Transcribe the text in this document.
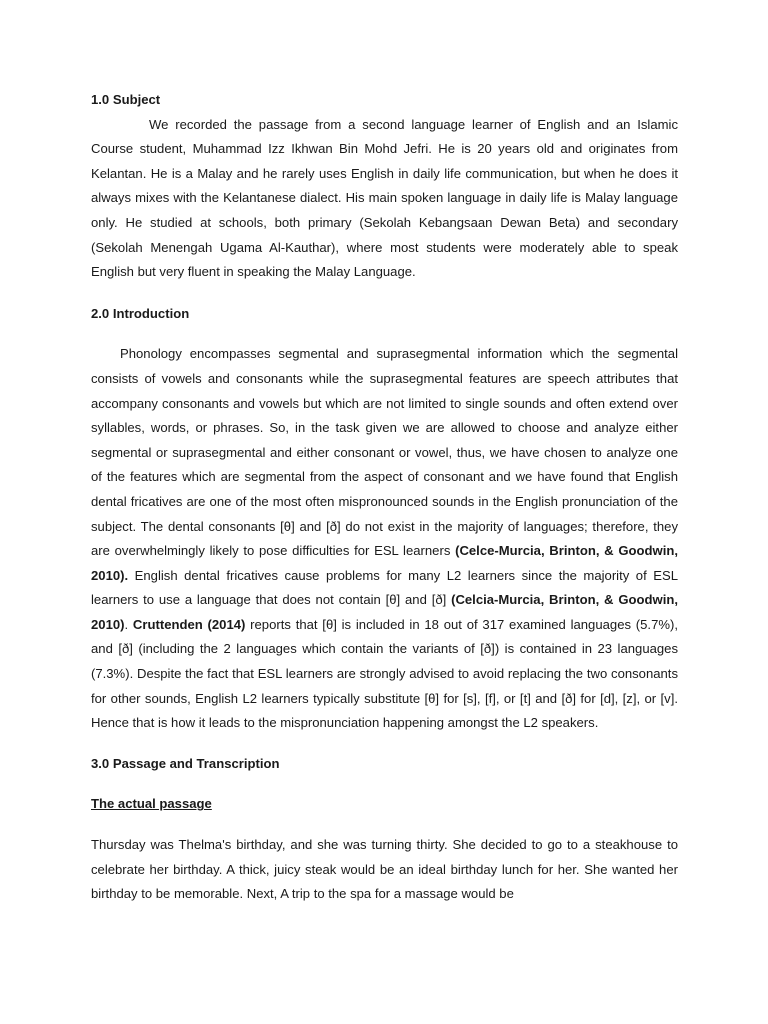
1.0 Subject

We recorded the passage from a second language learner of English and an Islamic Course student, Muhammad Izz Ikhwan Bin Mohd Jefri. He is 20 years old and originates from Kelantan. He is a Malay and he rarely uses English in daily life communication, but when he does it always mixes with the Kelantanese dialect. His main spoken language in daily life is Malay language only. He studied at schools, both primary (Sekolah Kebangsaan Dewan Beta) and secondary (Sekolah Menengah Ugama Al-Kauthar), where most students were moderately able to speak English but very fluent in speaking the Malay Language.

2.0 Introduction

Phonology encompasses segmental and suprasegmental information which the segmental consists of vowels and consonants while the suprasegmental features are speech attributes that accompany consonants and vowels but which are not limited to single sounds and often extend over syllables, words, or phrases. So, in the task given we are allowed to choose and analyze either segmental or suprasegmental and either consonant or vowel, thus, we have chosen to analyze one of the features which are segmental from the aspect of consonant and we have found that English dental fricatives are one of the most often mispronounced sounds in the English pronunciation of the subject. The dental consonants [θ] and [ð] do not exist in the majority of languages; therefore, they are overwhelmingly likely to pose difficulties for ESL learners (Celce-Murcia, Brinton, & Goodwin, 2010). English dental fricatives cause problems for many L2 learners since the majority of ESL learners to use a language that does not contain [θ] and [ð] (Celcia-Murcia, Brinton, & Goodwin, 2010). Cruttenden (2014) reports that [θ] is included in 18 out of 317 examined languages (5.7%), and [ð] (including the 2 languages which contain the variants of [ð]) is contained in 23 languages (7.3%). Despite the fact that ESL learners are strongly advised to avoid replacing the two consonants for other sounds, English L2 learners typically substitute [θ] for [s], [f], or [t] and [ð] for [d], [z], or [v]. Hence that is how it leads to the mispronunciation happening amongst the L2 speakers.

3.0 Passage and Transcription
The actual passage

Thursday was Thelma's birthday, and she was turning thirty. She decided to go to a steakhouse to celebrate her birthday. A thick, juicy steak would be an ideal birthday lunch for her. She wanted her birthday to be memorable. Next, A trip to the spa for a massage would be
